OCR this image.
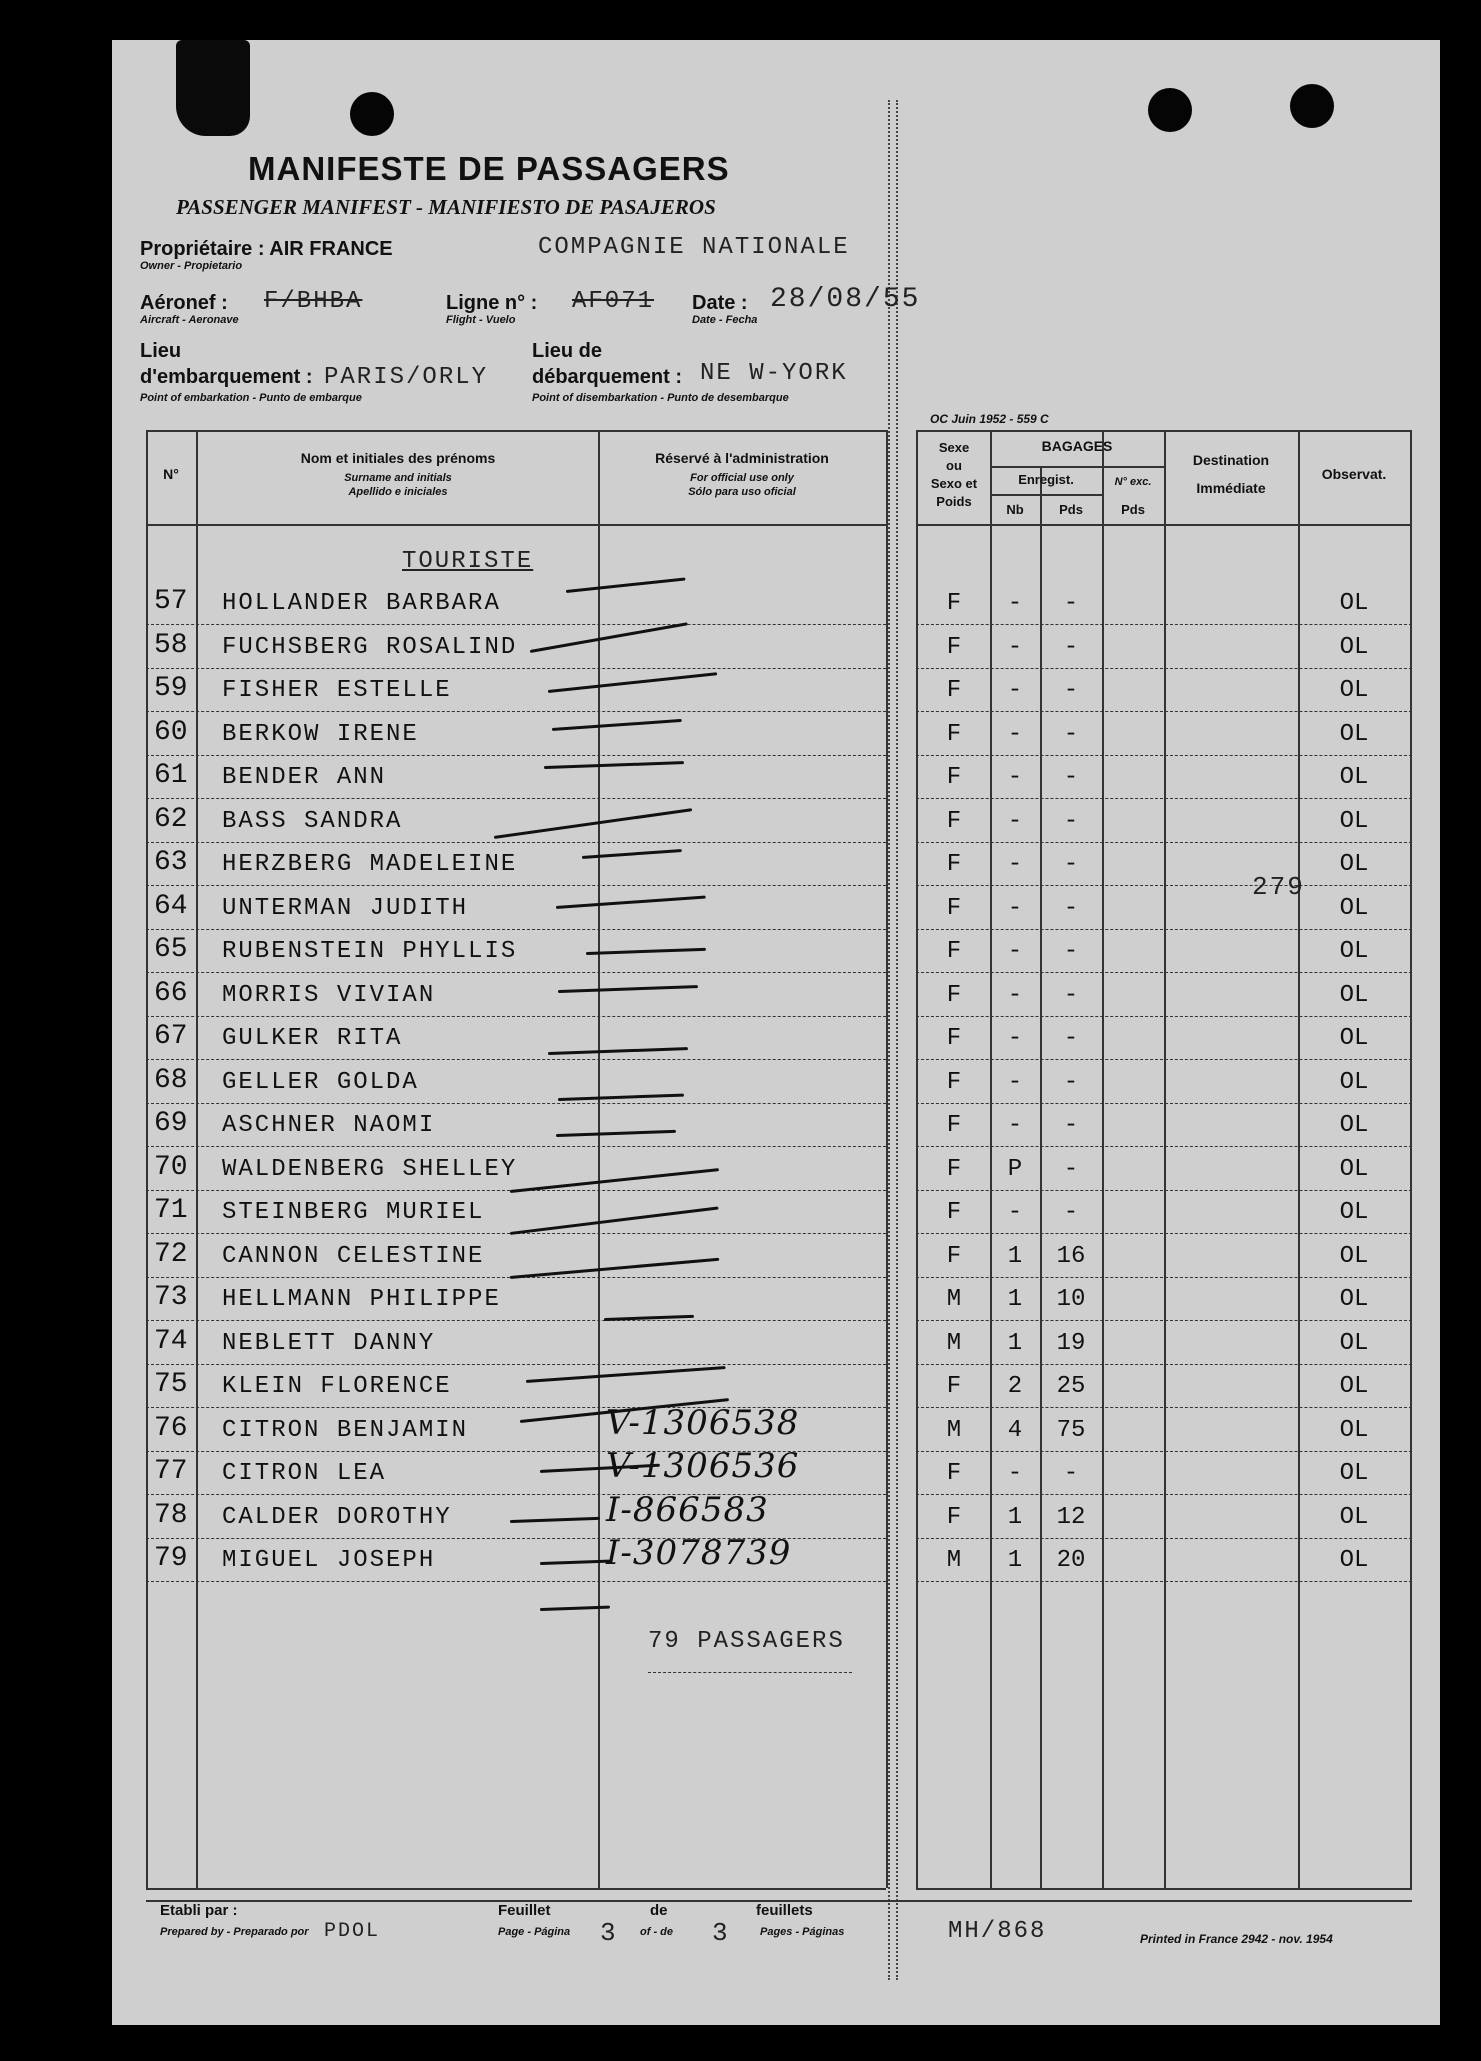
MANIFESTE DE PASSAGERS
PASSENGER MANIFEST - MANIFIESTO DE PASAJEROS
Propriétaire : AIR FRANCE
Owner - Propietario
COMPAGNIE NATIONALE
Aéronef :
Aircraft - Aeronave
F/BHBA	Ligne n° :
Flight - Vuelo
AF071 Date :
Date - Fecha
28/08/55
Lieu
d'embarquement :
Point of embarkation - Punto de embarque
PARIS/ORLY
Lieu de
débarquement :
Point of disembarkation - Punto de desembarque
NE W-YORK
OC Juin 1952 - 559 C
N°
Nom et initiales des prénoms
Surname and initials
Apellido e iniciales
Réservé à l'administration
For official use only
Sólo para uso oficial
Sexe
ou
Sexo et
Poids
BAGAGES
Enregist.
Nb	Pds
N° exc.
Pds
Destination
Immédiate
Observat.
TOURISTE
57	HOLLANDER BARBARA	F	-	-	OL
58	FUCHSBERG ROSALIND	F	-	-	OL
59	FISHER ESTELLE	F	-	-	OL
60	BERKOW IRENE	F	-	-	OL
61	BENDER ANN	F	-	-	OL
62	BASS SANDRA	F	-	-	OL
63	HERZBERG MADELEINE	F	-	-	OL
64	UNTERMAN JUDITH	F	-	-	OL
65	RUBENSTEIN PHYLLIS	F	-	-	OL
66	MORRIS VIVIAN	F	-	-	OL
67	GULKER RITA	F	-	-	OL
68	GELLER GOLDA	F	-	-	OL
69	ASCHNER NAOMI	F	-	-	OL
70	WALDENBERG SHELLEY	F	P	-	OL
71	STEINBERG MURIEL	F	-	-	OL
72	CANNON CELESTINE	F	1	16	OL
73	HELLMANN PHILIPPE	M	1	10	OL
74	NEBLETT DANNY	M	1	19	OL
75	KLEIN FLORENCE	F	2	25	OL
76	CITRON BENJAMIN	M	4	75	OL
V-1306538
77	CITRON LEA	F	-	-	OL
V-1306536
78	CALDER DOROTHY	F	1	12	OL
I-866583
79	MIGUEL JOSEPH	M	1	20	OL
I-3078739
279
79 PASSAGERS
Etabli par :
Prepared by - Preparado por PDOL
Feuillet
Page - Página 3
de
of - de 3
feuillets
Pages - Páginas	MH/868	Printed in France 2942 - nov. 1954
